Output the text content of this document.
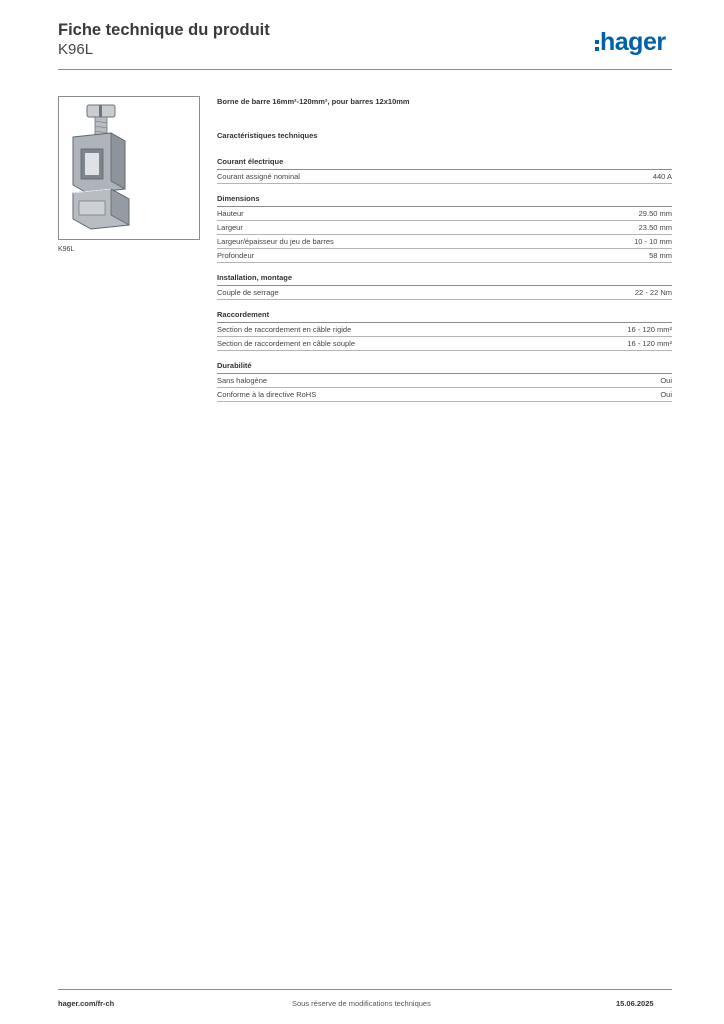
Fiche technique du produit
K96L	hager
K96L
Borne de barre 16mm²-120mm², pour barres 12x10mm
Caractéristiques techniques
Courant électrique
Courant assigné nominal	440 A
Dimensions
Hauteur	29.50 mm
Largeur	23.50 mm
Largeur/épaisseur du jeu de barres	10 - 10 mm
Profondeur	58 mm
Installation, montage
Couple de serrage	22 - 22 Nm
Raccordement
Section de raccordement en câble rigide	16 - 120 mm²
Section de raccordement en câble souple	16 - 120 mm²
Durabilité
Sans halogène	Oui
Conforme à la directive RoHS	Oui
hager.com/fr-ch	Sous réserve de modifications techniques	15.06.2025
